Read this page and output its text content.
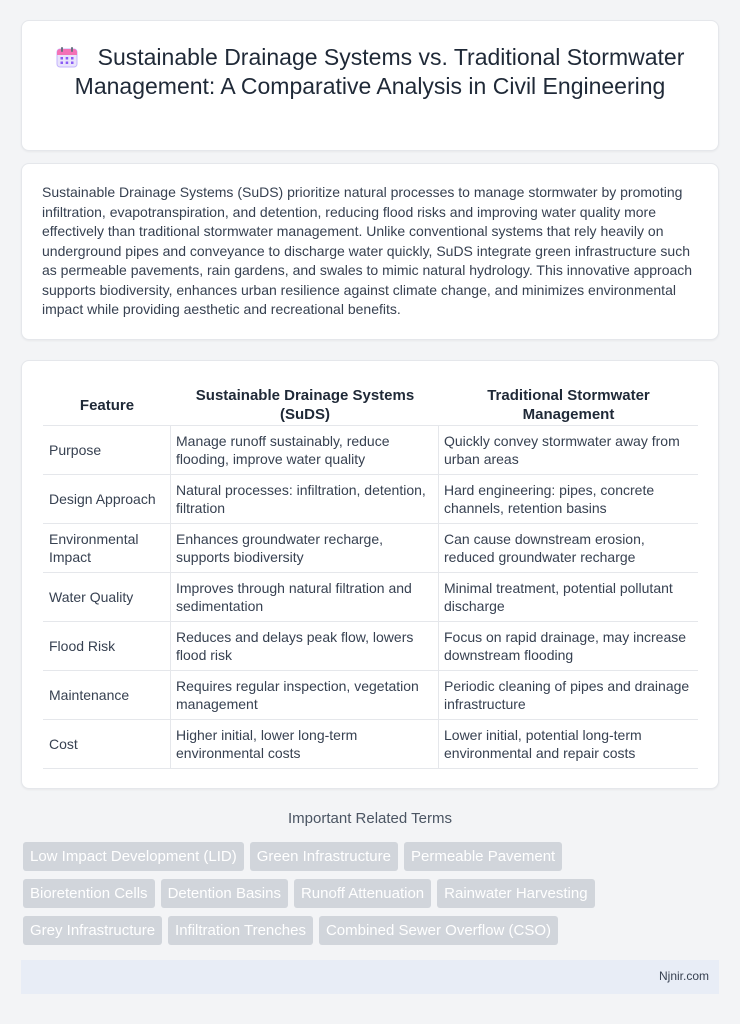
Sustainable Drainage Systems vs. Traditional Stormwater Management: A Comparative Analysis in Civil Engineering

Sustainable Drainage Systems (SuDS) prioritize natural processes to manage stormwater by promoting infiltration, evapotranspiration, and detention, reducing flood risks and improving water quality more effectively than traditional stormwater management. Unlike conventional systems that rely heavily on underground pipes and conveyance to discharge water quickly, SuDS integrate green infrastructure such as permeable pavements, rain gardens, and swales to mimic natural hydrology. This innovative approach supports biodiversity, enhances urban resilience against climate change, and minimizes environmental impact while providing aesthetic and recreational benefits.

Feature	Sustainable Drainage Systems (SuDS)	Traditional Stormwater Management
Purpose	Manage runoff sustainably, reduce flooding, improve water quality	Quickly convey stormwater away from urban areas
Design Approach	Natural processes: infiltration, detention, filtration	Hard engineering: pipes, concrete channels, retention basins
Environmental Impact	Enhances groundwater recharge, supports biodiversity	Can cause downstream erosion, reduced groundwater recharge
Water Quality	Improves through natural filtration and sedimentation	Minimal treatment, potential pollutant discharge
Flood Risk	Reduces and delays peak flow, lowers flood risk	Focus on rapid drainage, may increase downstream flooding
Maintenance	Requires regular inspection, vegetation management	Periodic cleaning of pipes and drainage infrastructure
Cost	Higher initial, lower long-term environmental costs	Lower initial, potential long-term environmental and repair costs
Important Related Terms
Low Impact Development (LID) Green Infrastructure Permeable Pavement
Bioretention Cells Detention Basins Runoff Attenuation Rainwater Harvesting
Grey Infrastructure Infiltration Trenches Combined Sewer Overflow (CSO)
Njnir.com
